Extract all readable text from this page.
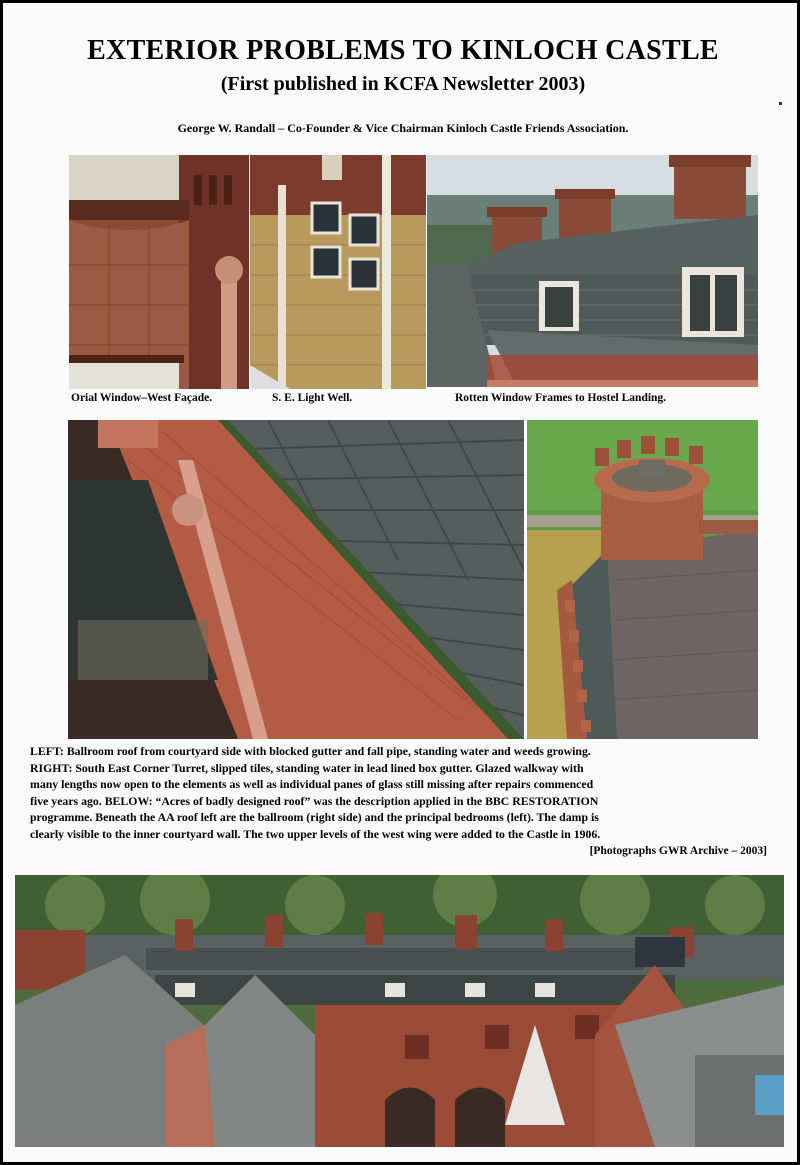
EXTERIOR PROBLEMS TO KINLOCH CASTLE
(First published in KCFA Newsletter 2003)
George W. Randall – Co-Founder & Vice Chairman Kinloch Castle Friends Association.
Orial Window–West Façade.	S. E. Light Well.	Rotten Window Frames to Hostel Landing.

LEFT: Ballroom roof from courtyard side with blocked gutter and fall pipe, standing water and weeds growing.
RIGHT: South East Corner Turret, slipped tiles, standing water in lead lined box gutter. Glazed walkway with
many lengths now open to the elements as well as individual panes of glass still missing after repairs commenced
five years ago. BELOW: “Acres of badly designed roof” was the description applied in the BBC RESTORATION
programme. Beneath the AA roof left are the ballroom (right side) and the principal bedrooms (left). The damp is
clearly visible to the inner courtyard wall. The two upper levels of the west wing were added to the Castle in 1906.

[Photographs GWR Archive – 2003]
